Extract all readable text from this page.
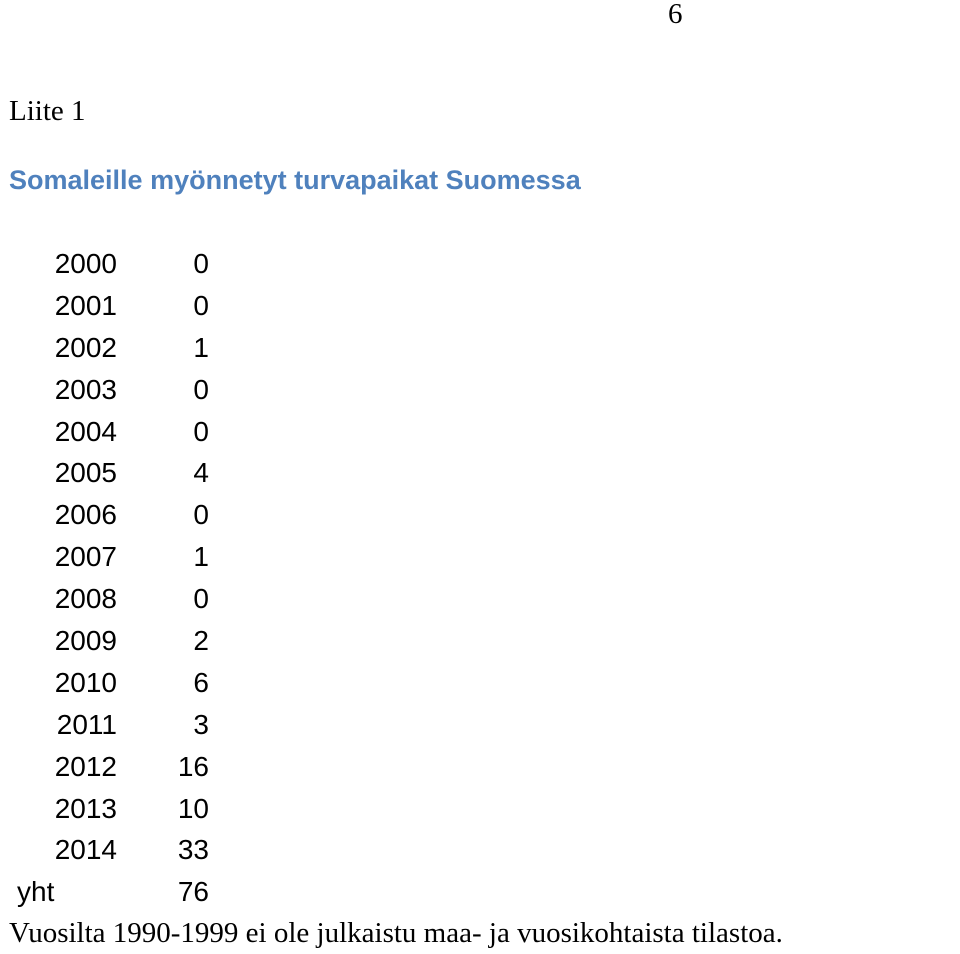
6
Liite 1
Somaleille myönnetyt turvapaikat Suomessa
2000	0
2001	0
2002	1
2003	0
2004	0
2005	4
2006	0
2007	1
2008	0
2009	2
2010	6
2011	3
2012	16
2013	10
2014	33
yht	76
Vuosilta 1990-1999 ei ole julkaistu maa- ja vuosikohtaista tilastoa.
